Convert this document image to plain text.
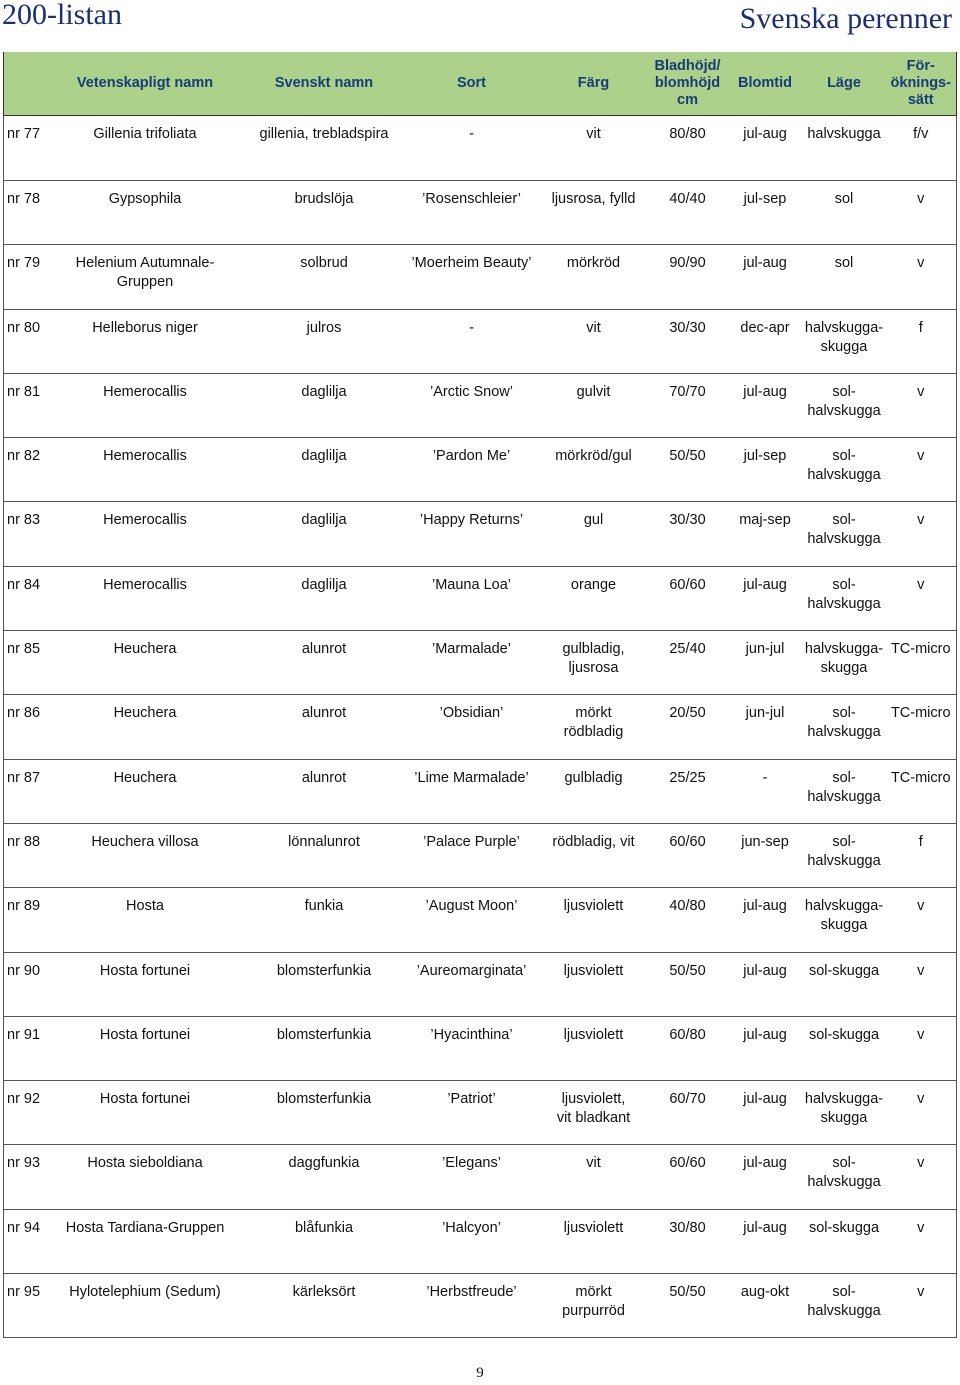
200-listan	Svenska perenner
	Vetenskapligt namn	Svenskt namn	Sort	Färg	Bladhöjd/
blomhöjd
cm	Blomtid	Läge	För-
öknings-
sätt
nr 77	Gillenia trifoliata	gillenia, trebladspira	-	vit	80/80	jul-aug	halvskugga	f/v
nr 78	Gypsophila	brudslöja	’Rosenschleier’	ljusrosa, fylld	40/40	jul-sep	sol	v
nr 79	Helenium Autumnale-
Gruppen	solbrud	’Moerheim Beauty’	mörkröd	90/90	jul-aug	sol	v
nr 80	Helleborus niger	julros	-	vit	30/30	dec-apr	halvskugga-
skugga	f
nr 81	Hemerocallis	daglilja	’Arctic Snow’	gulvit	70/70	jul-aug	sol-
halvskugga	v
nr 82	Hemerocallis	daglilja	’Pardon Me’	mörkröd/gul	50/50	jul-sep	sol-
halvskugga	v
nr 83	Hemerocallis	daglilja	’Happy Returns’	gul	30/30	maj-sep	sol-
halvskugga	v
nr 84	Hemerocallis	daglilja	’Mauna Loa’	orange	60/60	jul-aug	sol-
halvskugga	v
nr 85	Heuchera	alunrot	’Marmalade’	gulbladig,
ljusrosa	25/40	jun-jul	halvskugga-
skugga	TC-micro
nr 86	Heuchera	alunrot	’Obsidian’	mörkt
rödbladig	20/50	jun-jul	sol-
halvskugga	TC-micro
nr 87	Heuchera	alunrot	’Lime Marmalade’	gulbladig	25/25	-	sol-
halvskugga	TC-micro
nr 88	Heuchera villosa	lönnalunrot	’Palace Purple’	rödbladig, vit	60/60	jun-sep	sol-
halvskugga	f
nr 89	Hosta	funkia	’August Moon’	ljusviolett	40/80	jul-aug	halvskugga-
skugga	v
nr 90	Hosta fortunei	blomsterfunkia	’Aureomarginata’	ljusviolett	50/50	jul-aug	sol-skugga	v
nr 91	Hosta fortunei	blomsterfunkia	’Hyacinthina’	ljusviolett	60/80	jul-aug	sol-skugga	v
nr 92	Hosta fortunei	blomsterfunkia	’Patriot’	ljusviolett,
vit bladkant	60/70	jul-aug	halvskugga-
skugga	v
nr 93	Hosta sieboldiana	daggfunkia	’Elegans’	vit	60/60	jul-aug	sol-
halvskugga	v
nr 94	Hosta Tardiana-Gruppen	blåfunkia	’Halcyon’	ljusviolett	30/80	jul-aug	sol-skugga	v
nr 95	Hylotelephium (Sedum)	kärleksört	’Herbstfreude’	mörkt
purpurröd	50/50	aug-okt	sol-
halvskugga	v
9
